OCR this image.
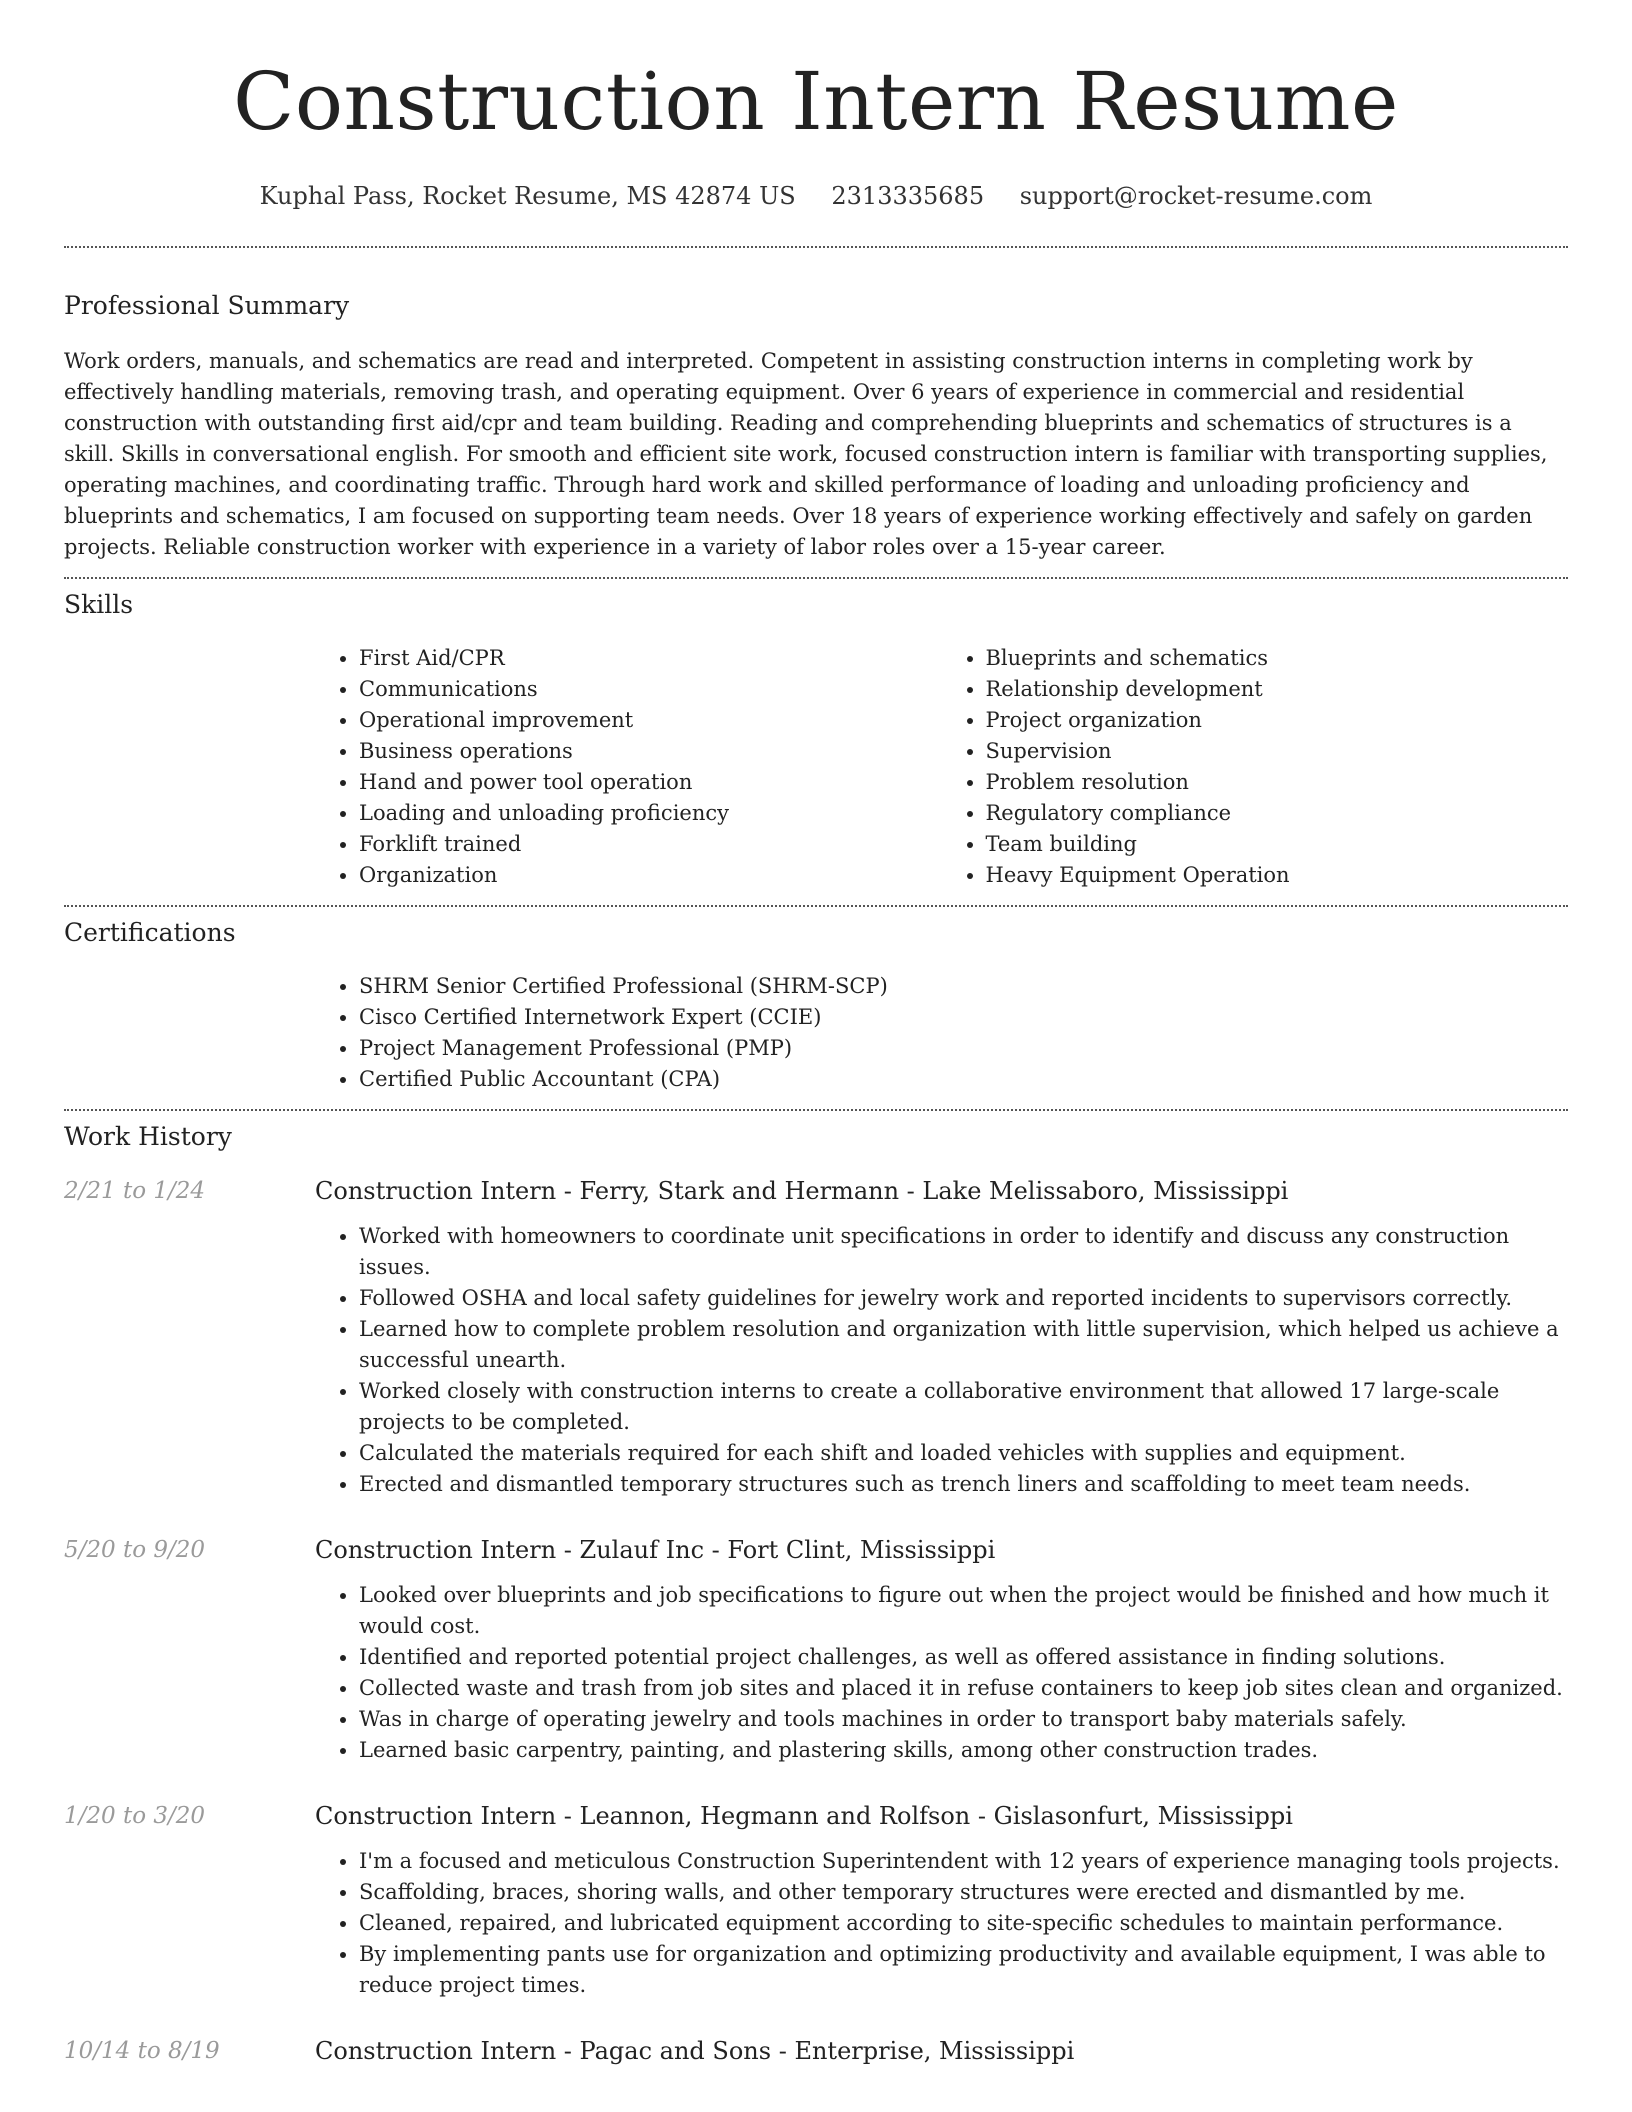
Construction Intern Resume
Kuphal Pass, Rocket Resume, MS 42874 US 2313335685 support@rocket-resume.com
Professional Summary

Work orders, manuals, and schematics are read and interpreted. Competent in assisting construction interns in completing work by effectively handling materials, removing trash, and operating equipment. Over 6 years of experience in commercial and residential construction with outstanding first aid/cpr and team building. Reading and comprehending blueprints and schematics of structures is a skill. Skills in conversational english. For smooth and efficient site work, focused construction intern is familiar with transporting supplies, operating machines, and coordinating traffic. Through hard work and skilled performance of loading and unloading proficiency and blueprints and schematics, I am focused on supporting team needs. Over 18 years of experience working effectively and safely on garden projects. Reliable construction worker with experience in a variety of labor roles over a 15-year career.

Skills
• First Aid/CPR
• Communications
• Operational improvement
• Business operations
• Hand and power tool operation
• Loading and unloading proficiency
• Forklift trained
• Organization
• Blueprints and schematics
• Relationship development
• Project organization
• Supervision
• Problem resolution
• Regulatory compliance
• Team building
• Heavy Equipment Operation
Certifications
• SHRM Senior Certified Professional (SHRM-SCP)
• Cisco Certified Internetwork Expert (CCIE)
• Project Management Professional (PMP)
• Certified Public Accountant (CPA)
Work History
2/21 to 1/24	Construction Intern - Ferry, Stark and Hermann - Lake Melissaboro, Mississippi
• Worked with homeowners to coordinate unit specifications in order to identify and discuss any construction issues.
• Followed OSHA and local safety guidelines for jewelry work and reported incidents to supervisors correctly.
• Learned how to complete problem resolution and organization with little supervision, which helped us achieve a successful unearth.
• Worked closely with construction interns to create a collaborative environment that allowed 17 large-scale projects to be completed.
• Calculated the materials required for each shift and loaded vehicles with supplies and equipment.
• Erected and dismantled temporary structures such as trench liners and scaffolding to meet team needs.
5/20 to 9/20	Construction Intern - Zulauf Inc - Fort Clint, Mississippi
• Looked over blueprints and job specifications to figure out when the project would be finished and how much it would cost.
• Identified and reported potential project challenges, as well as offered assistance in finding solutions.
• Collected waste and trash from job sites and placed it in refuse containers to keep job sites clean and organized.
• Was in charge of operating jewelry and tools machines in order to transport baby materials safely.
• Learned basic carpentry, painting, and plastering skills, among other construction trades.
1/20 to 3/20	Construction Intern - Leannon, Hegmann and Rolfson - Gislasonfurt, Mississippi
• I'm a focused and meticulous Construction Superintendent with 12 years of experience managing tools projects.
• Scaffolding, braces, shoring walls, and other temporary structures were erected and dismantled by me.
• Cleaned, repaired, and lubricated equipment according to site-specific schedules to maintain performance.
• By implementing pants use for organization and optimizing productivity and available equipment, I was able to reduce project times.
10/14 to 8/19	Construction Intern - Pagac and Sons - Enterprise, Mississippi
